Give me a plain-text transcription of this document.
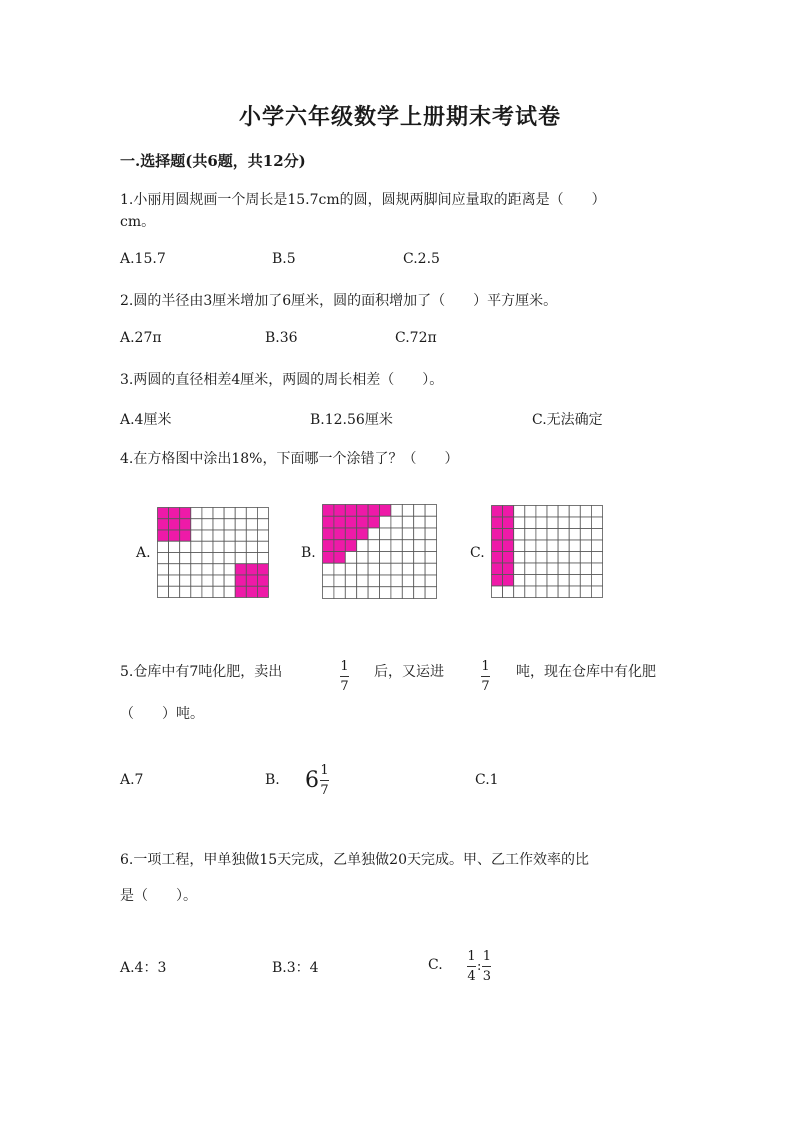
小学六年级数学上册期末考试卷
一.选择题(共6题，共12分)
1.小丽用圆规画一个周长是15.7cm的圆，圆规两脚间应量取的距离是（　　）
cm。
A.15.7	B.5	C.2.5
2.圆的半径由3厘米增加了6厘米，圆的面积增加了（　　）平方厘米。
A.27π	B.36	C.72π
3.两圆的直径相差4厘米，两圆的周长相差（　　）。
A.4厘米	B.12.56厘米	C.无法确定
4.在方格图中涂出18%，下面哪一个涂错了？（　　）
A.	B.	C.
5.仓库中有7吨化肥，卖出	$\frac{1}{7}$ 后，又运进	$\frac{1}{7}$ 吨，现在仓库中有化肥
（　　）吨。
A.7	B. $6 \frac{1}{7}$	C.1
6.一项工程，甲单独做15天完成，乙单独做20天完成。甲、乙工作效率的比
是（　　）。
A.4：3	B.3：4	C. $\frac{1}{4}$ : $\frac{1}{3}$
